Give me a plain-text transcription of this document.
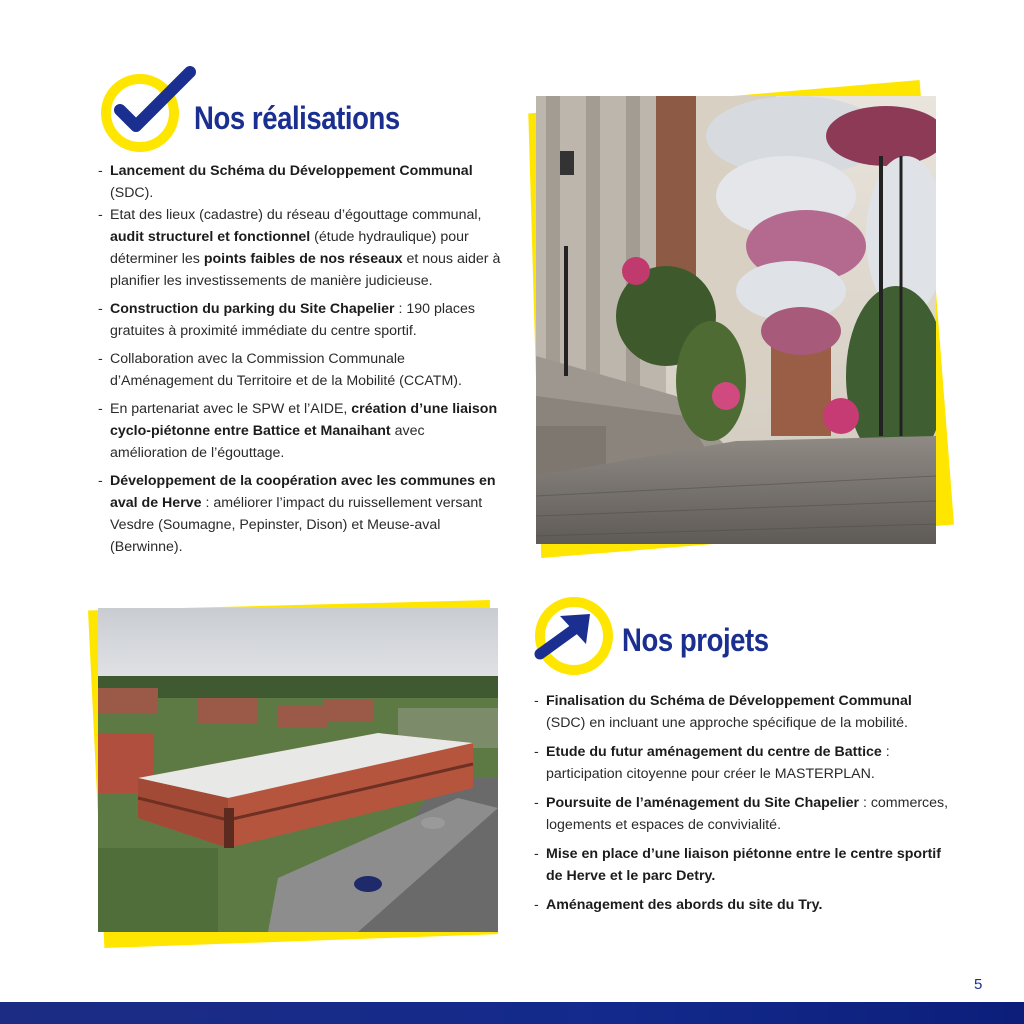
Nos réalisations
- Lancement du Schéma du Développement Communal (SDC).
- Etat des lieux (cadastre) du réseau d’égouttage communal, audit structurel et fonctionnel (étude hydraulique) pour déterminer les points faibles de nos réseaux et nous aider à planifier les investissements de manière judicieuse.
- Construction du parking du Site Chapelier : 190 places gratuites à proximité immédiate du centre sportif.
- Collaboration avec la Commission Communale d’Aménagement du Territoire et de la Mobilité (CCATM).
- En partenariat avec le SPW et l’AIDE, création d’une liaison cyclo-piétonne entre Battice et Manaihant avec amélioration de l’égouttage.
- Développement de la coopération avec les communes en aval de Herve : améliorer l’impact du ruissellement versant Vesdre (Soumagne, Pepinster, Dison) et Meuse-aval (Berwinne).
Nos projets
- Finalisation du Schéma de Développement Communal (SDC) en incluant une approche spécifique de la mobilité.
- Etude du futur aménagement du centre de Battice : participation citoyenne pour créer le MASTERPLAN.
- Poursuite de l’aménagement du Site Chapelier : commerces, logements et espaces de convivialité.
- Mise en place d’une liaison piétonne entre le centre sportif de Herve et le parc Detry.
- Aménagement des abords du site du Try.
5
